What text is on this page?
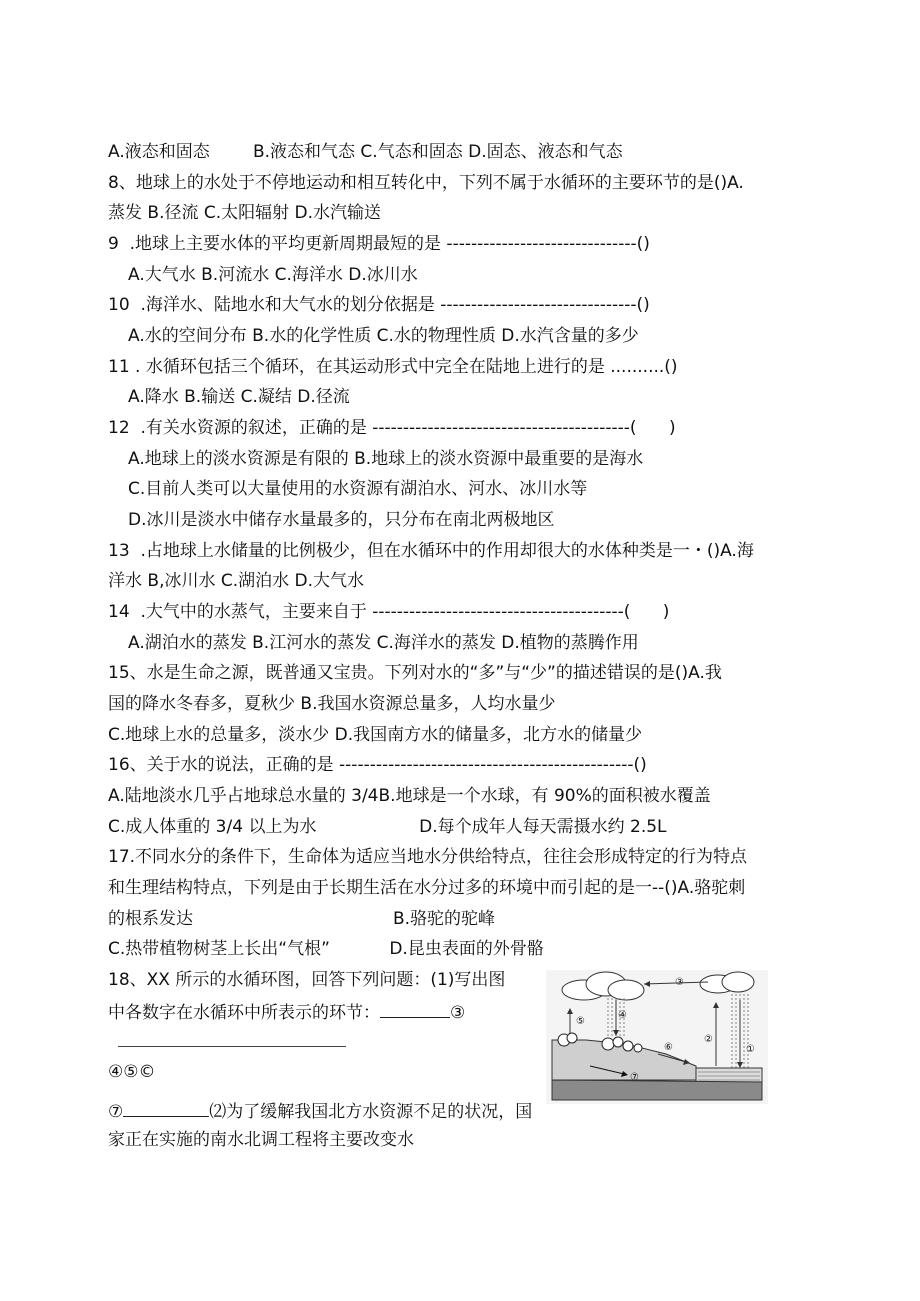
A.液态和固态        B.液态和气态 C.气态和固态 D.固态、液态和气态
8、地球上的水处于不停地运动和相互转化中，下列不属于水循环的主要环节的是()A.
蒸发 B.径流 C.太阳辐射 D.水汽输送
9  .地球上主要水体的平均更新周期最短的是 -------------------------------()
A.大气水 B.河流水 C.海洋水 D.冰川水
10  .海洋水、陆地水和大气水的划分依据是 --------------------------------()
A.水的空间分布 B.水的化学性质 C.水的物理性质 D.水汽含量的多少
11 . 水循环包括三个循环，在其运动形式中完全在陆地上进行的是 ..........()
A.降水 B.输送 C.凝结 D.径流
12  .有关水资源的叙述，正确的是 ------------------------------------------(      )
A.地球上的淡水资源是有限的 B.地球上的淡水资源中最重要的是海水
C.目前人类可以大量使用的水资源有湖泊水、河水、冰川水等
D.冰川是淡水中储存水量最多的，只分布在南北两极地区
13  .占地球上水储量的比例极少，但在水循环中的作用却很大的水体种类是一・()A.海
洋水 B,冰川水 C.湖泊水 D.大气水
14  .大气中的水蒸气，主要来自于 -----------------------------------------(      )
A.湖泊水的蒸发 B.江河水的蒸发 C.海洋水的蒸发 D.植物的蒸腾作用
15、水是生命之源，既普通又宝贵。下列对水的“多”与“少”的描述错误的是()A.我
国的降水冬春多，夏秋少 B.我国水资源总量多，人均水量少
C.地球上水的总量多，淡水少 D.我国南方水的储量多，北方水的储量少
16、关于水的说法，正确的是 ------------------------------------------------()
A.陆地淡水几乎占地球总水量的 3/4B.地球是一个水球，有 90%的面积被水覆盖
C.成人体重的 3/4 以上为水                   D.每个成年人每天需摄水约 2.5L
17.不同水分的条件下，生命体为适应当地水分供给特点，往往会形成特定的行为特点
和生理结构特点，下列是由于长期生活在水分过多的环境中而引起的是一--()A.骆驼刺
的根系发达                                     B.骆驼的驼峰
C.热带植物树茎上长出“气根”           D.昆虫表面的外骨骼
18、XX 所示的水循环图，回答下列问题：(1)写出图
中各数字在水循环中所表示的环节：	③
④⑤©
⑦	⑵为了缓解我国北方水资源不足的状况，国
家正在实施的南水北调工程将主要改变水
③
④
⑤
②
①
⑥
⑦
